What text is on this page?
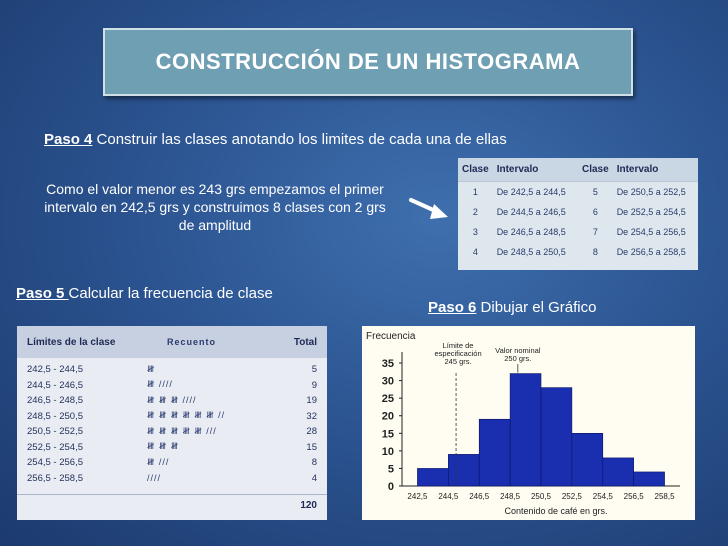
CONSTRUCCIÓN DE UN HISTOGRAMA
Paso 4 Construir las clases anotando los limites de cada una de ellas
Como el valor menor es 243 grs empezamos el primer intervalo en 242,5 grs y construimos 8 clases con 2 grs de amplitud
Clase	Intervalo	Clase	Intervalo
1	De 242,5 a 244,5	5	De 250,5 a 252,5
2	De 244,5 a 246,5	6	De 252,5 a 254,5
3	De 246,5 a 248,5	7	De 254,5 a 256,5
4	De 248,5 a 250,5	8	De 256,5 a 258,5
Paso 5 Calcular la frecuencia de clase
Paso 6 Dibujar el Gráfico
Límites de la clase	Recuento	Total
242,5 - 244,5	𝍸	5
244,5 - 246,5	𝍸 ////	9
246,5 - 248,5	𝍸 𝍸 𝍸 ////	19
248,5 - 250,5	𝍸 𝍸 𝍸 𝍸 𝍸 𝍸 //	32
250,5 - 252,5	𝍸 𝍸 𝍸 𝍸 𝍸 ///	28
252,5 - 254,5	𝍸 𝍸 𝍸	15
254,5 - 256,5	𝍸 ///	8
256,5 - 258,5	////	4
120
Frecuencia
0
5
10
15
20
25
30
35
242,5 244,5 246,5 248,5 250,5 252,5 254,5 256,5 258,5
Límite de
especificación
245 grs.
Valor nominal
250 grs.
Contenido de café en grs.
